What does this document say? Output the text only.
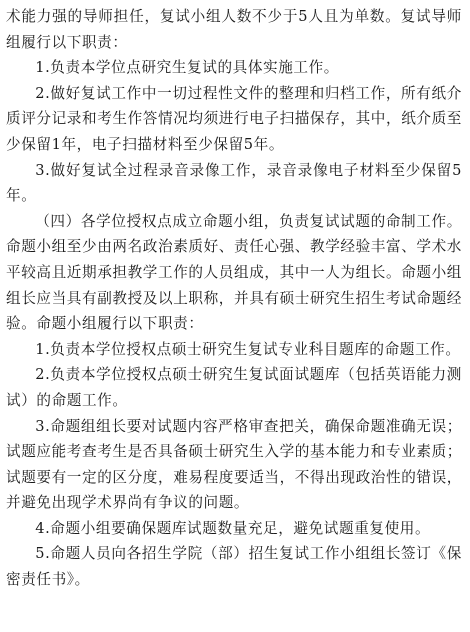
术能力强的导师担任，复试小组人数不少于5人且为单数。复试导师组履行以下职责：

1.负责本学位点研究生复试的具体实施工作。

2.做好复试工作中一切过程性文件的整理和归档工作，所有纸介质评分记录和考生作答情况均须进行电子扫描保存，其中，纸介质至少保留1年，电子扫描材料至少保留5年。

3.做好复试全过程录音录像工作，录音录像电子材料至少保留5年。

（四）各学位授权点成立命题小组，负责复试试题的命制工作。命题小组至少由两名政治素质好、责任心强、教学经验丰富、学术水平较高且近期承担教学工作的人员组成，其中一人为组长。命题小组组长应当具有副教授及以上职称，并具有硕士研究生招生考试命题经验。命题小组履行以下职责：

1.负责本学位授权点硕士研究生复试专业科目题库的命题工作。

2.负责本学位授权点硕士研究生复试面试题库（包括英语能力测试）的命题工作。

3.命题组组长要对试题内容严格审查把关，确保命题准确无误；试题应能考查考生是否具备硕士研究生入学的基本能力和专业素质；试题要有一定的区分度，难易程度要适当，不得出现政治性的错误，并避免出现学术界尚有争议的问题。

4.命题小组要确保题库试题数量充足，避免试题重复使用。

5.命题人员向各招生学院（部）招生复试工作小组组长签订《保密责任书》。
